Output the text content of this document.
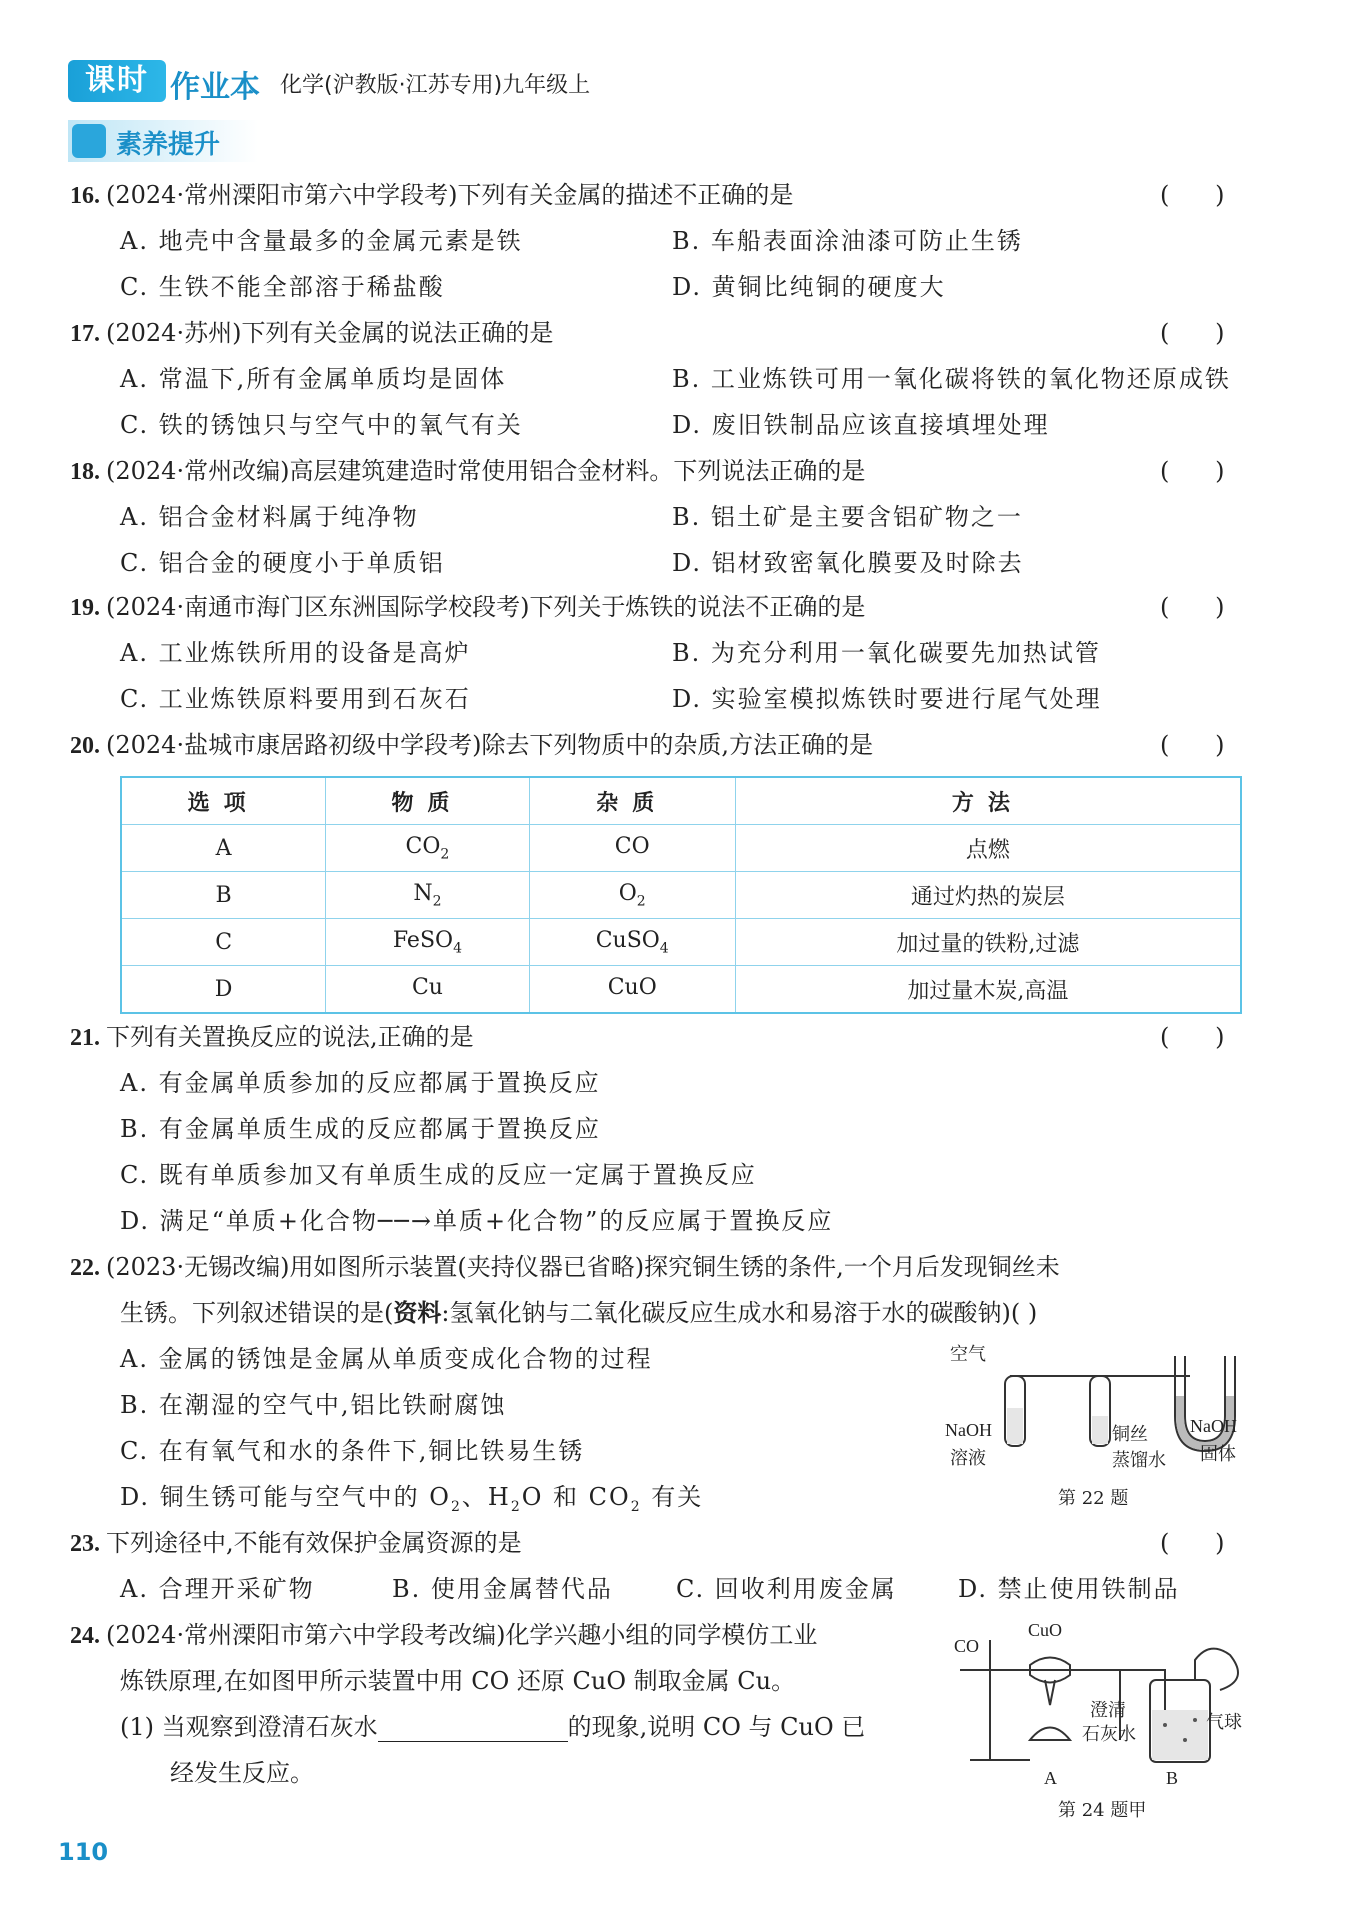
课时 作业本 化学(沪教版·江苏专用)九年级上
素养提升
16. (2024·常州溧阳市第六中学段考)下列有关金属的描述不正确的是	(      )
A. 地壳中含量最多的金属元素是铁	B. 车船表面涂油漆可防止生锈
C. 生铁不能全部溶于稀盐酸	D. 黄铜比纯铜的硬度大
17. (2024·苏州)下列有关金属的说法正确的是	(      )
A. 常温下,所有金属单质均是固体	B. 工业炼铁可用一氧化碳将铁的氧化物还原成铁
C. 铁的锈蚀只与空气中的氧气有关	D. 废旧铁制品应该直接填埋处理
18. (2024·常州改编)高层建筑建造时常使用铝合金材料。下列说法正确的是	(      )
A. 铝合金材料属于纯净物	B. 铝土矿是主要含铝矿物之一
C. 铝合金的硬度小于单质铝	D. 铝材致密氧化膜要及时除去
19. (2024·南通市海门区东洲国际学校段考)下列关于炼铁的说法不正确的是	(      )
A. 工业炼铁所用的设备是高炉	B. 为充分利用一氧化碳要先加热试管
C. 工业炼铁原料要用到石灰石	D. 实验室模拟炼铁时要进行尾气处理
20. (2024·盐城市康居路初级中学段考)除去下列物质中的杂质,方法正确的是	(      )
选项	物质	杂质	方法
A	$CO_2$	CO	点燃
B	$N_2$	$O_2$	通过灼热的炭层
C	FeSO$_4$	CuSO$_4$	加过量的铁粉,过滤
D	Cu	CuO	加过量木炭,高温
21. 下列有关置换反应的说法,正确的是	(      )
A. 有金属单质参加的反应都属于置换反应
B. 有金属单质生成的反应都属于置换反应
C. 既有单质参加又有单质生成的反应一定属于置换反应
D. 满足“单质+化合物──→单质+化合物”的反应属于置换反应
22. (2023·无锡改编)用如图所示装置(夹持仪器已省略)探究铜生锈的条件,一个月后发现铜丝未
生锈。下列叙述错误的是(资料:氢氧化钠与二氧化碳反应生成水和易溶于水的碳酸钠)( )
A. 金属的锈蚀是金属从单质变成化合物的过程
B. 在潮湿的空气中,铝比铁耐腐蚀
C. 在有氧气和水的条件下,铜比铁易生锈
D. 铜生锈可能与空气中的 $O_2$、$H_2O$ 和 $CO_2$ 有关
空气
NaOH
溶液
铜丝
蒸馏水
NaOH
固体
第 22 题
23. 下列途径中,不能有效保护金属资源的是	(      )
A. 合理开采矿物	B. 使用金属替代品	C. 回收利用废金属	D. 禁止使用铁制品
24. (2024·常州溧阳市第六中学段考改编)化学兴趣小组的同学模仿工业
炼铁原理,在如图甲所示装置中用 CO 还原 CuO 制取金属 Cu。
(1) 当观察到澄清石灰水	的现象,说明 CO 与 CuO 已
经发生反应。
CO
CuO
澄清
石灰水
气球
A	B
第 24 题甲
110
